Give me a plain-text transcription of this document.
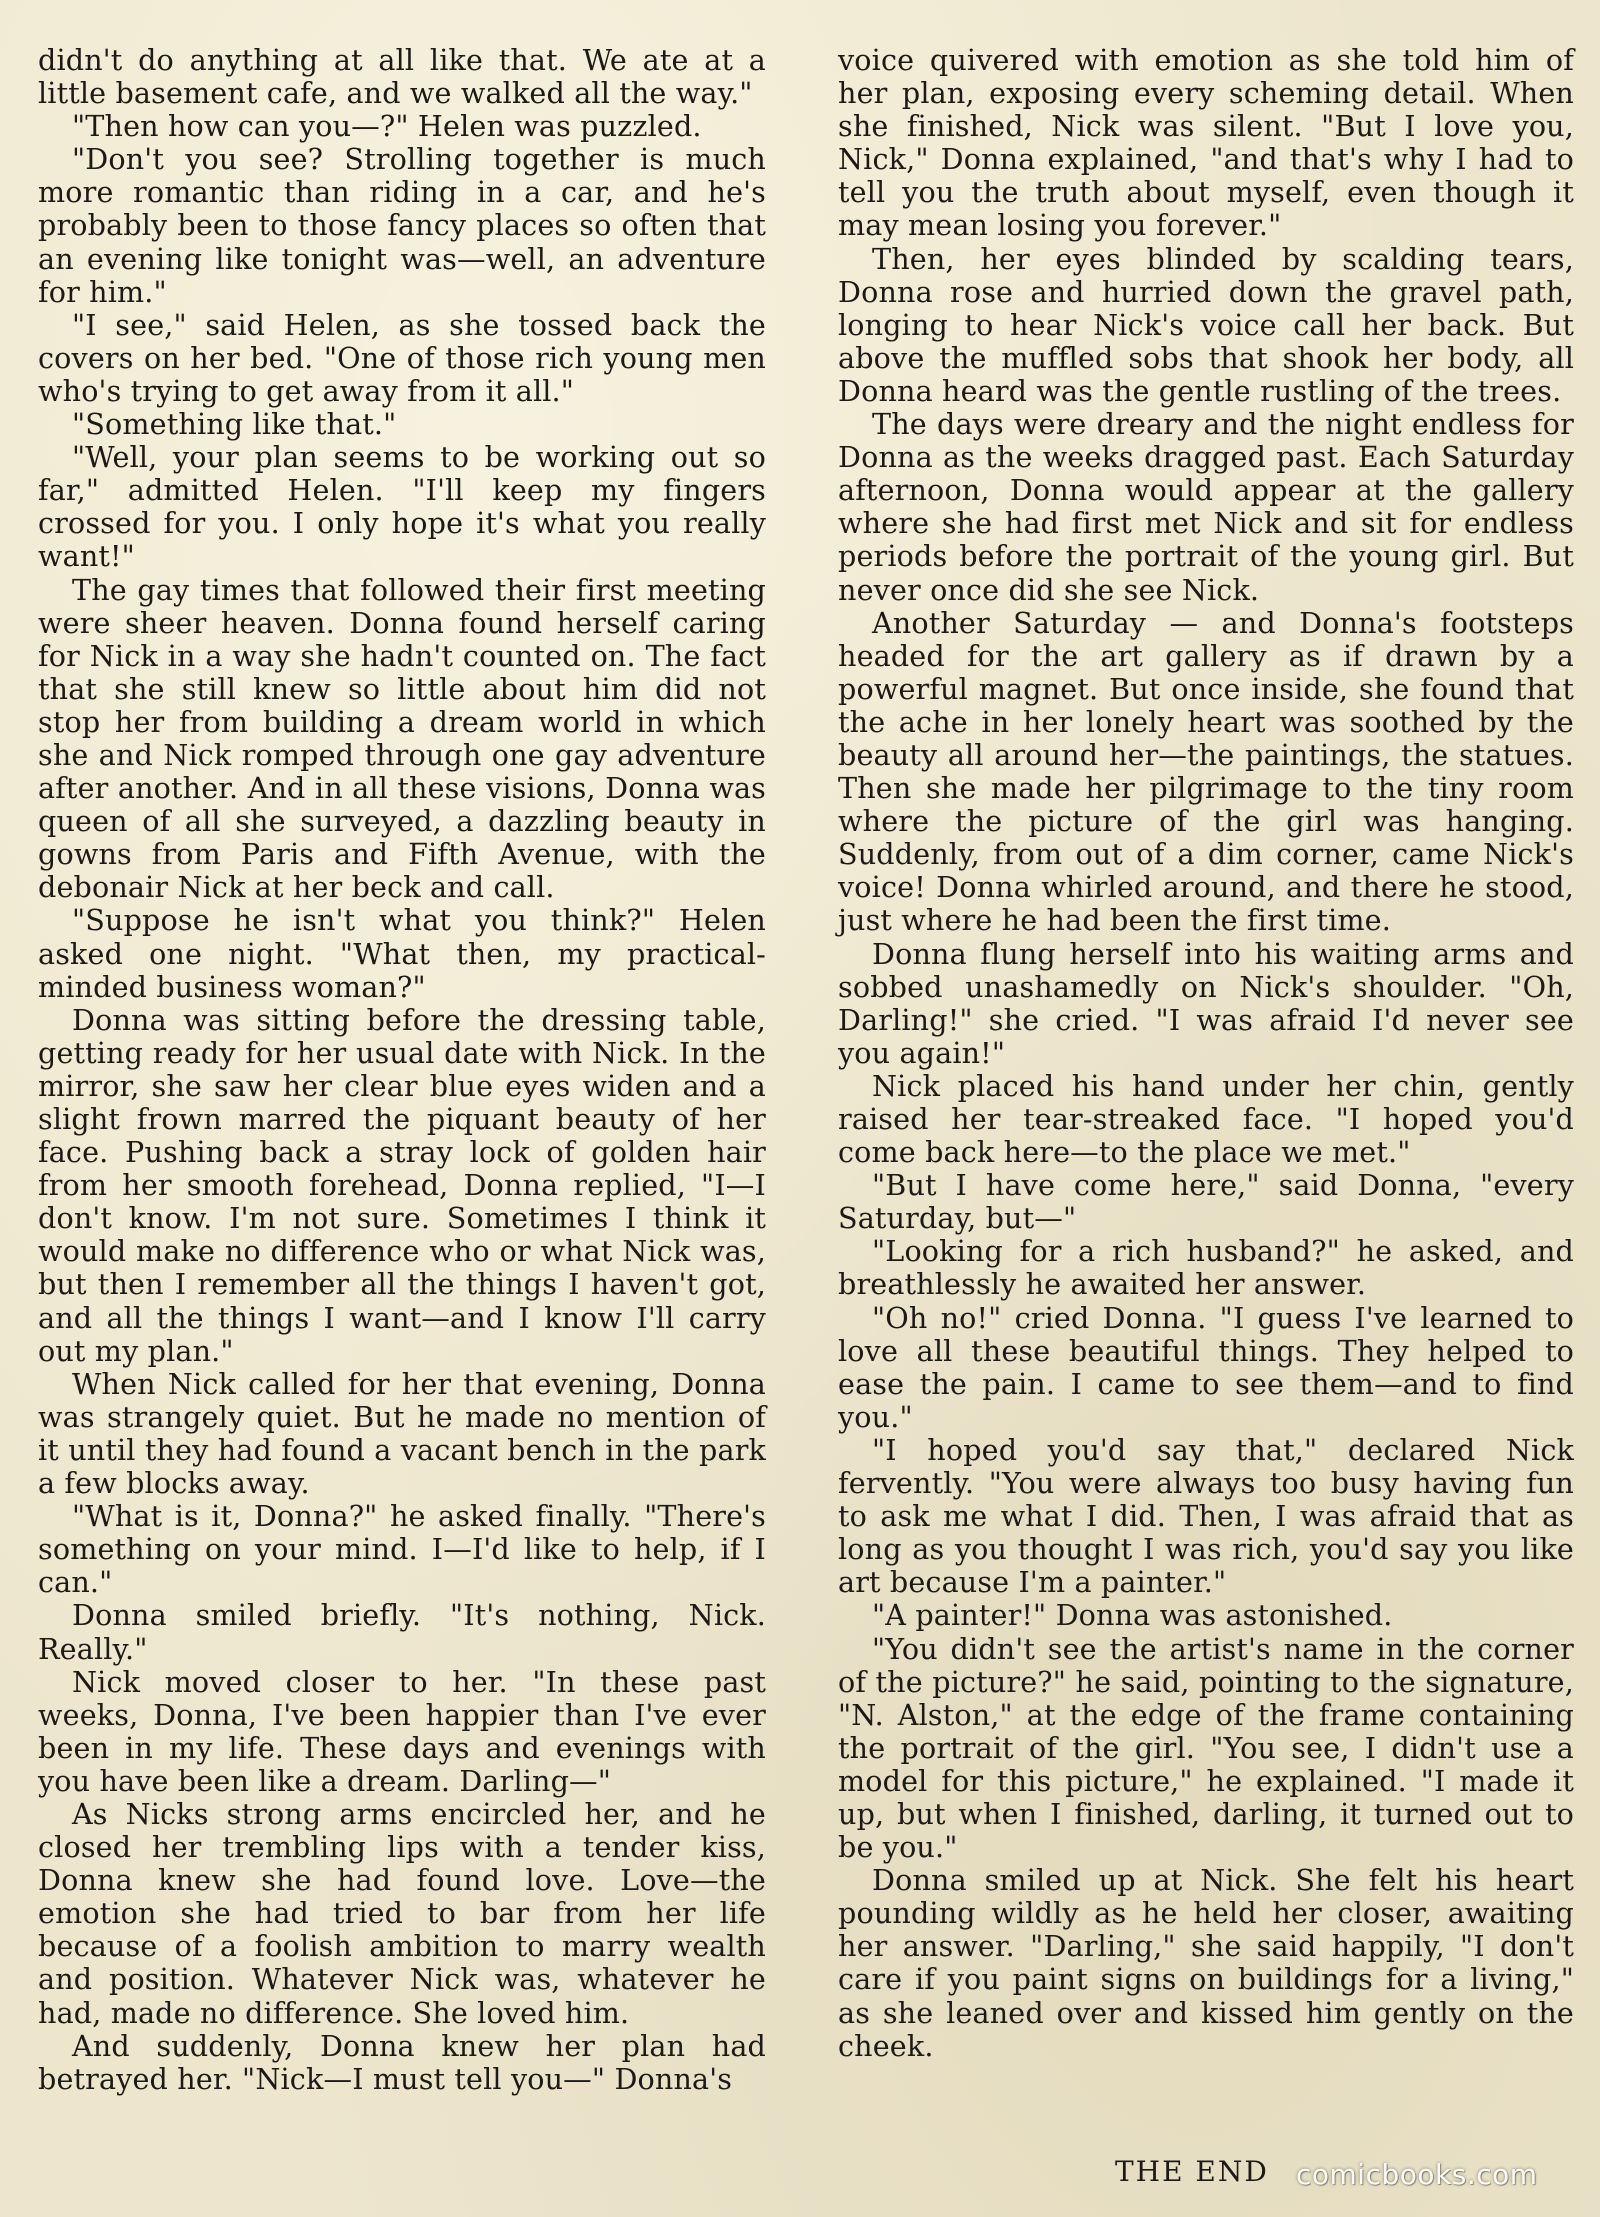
didn't do anything at all like that. We ate at a little basement cafe, and we walked all the way."

"Then how can you—?" Helen was puzzled.

"Don't you see? Strolling together is much more romantic than riding in a car, and he's probably been to those fancy places so often that an evening like tonight was—well, an adventure for him."

"I see," said Helen, as she tossed back the covers on her bed. "One of those rich young men who's trying to get away from it all."

"Something like that."

"Well, your plan seems to be working out so far," admitted Helen. "I'll keep my fingers crossed for you. I only hope it's what you really want!"

The gay times that followed their first meeting were sheer heaven. Donna found herself caring for Nick in a way she hadn't counted on. The fact that she still knew so little about him did not stop her from building a dream world in which she and Nick romped through one gay adventure after another. And in all these visions, Donna was queen of all she surveyed, a dazzling beauty in gowns from Paris and Fifth Avenue, with the debonair Nick at her beck and call.

"Suppose he isn't what you think?" Helen asked one night. "What then, my practical-minded business woman?"

Donna was sitting before the dressing table, getting ready for her usual date with Nick. In the mirror, she saw her clear blue eyes widen and a slight frown marred the piquant beauty of her face. Pushing back a stray lock of golden hair from her smooth forehead, Donna replied, "I—I don't know. I'm not sure. Sometimes I think it would make no difference who or what Nick was, but then I remember all the things I haven't got, and all the things I want—and I know I'll carry out my plan."

When Nick called for her that evening, Donna was strangely quiet. But he made no mention of it until they had found a vacant bench in the park a few blocks away.

"What is it, Donna?" he asked finally. "There's something on your mind. I—I'd like to help, if I can."

Donna smiled briefly. "It's nothing, Nick. Really."

Nick moved closer to her. "In these past weeks, Donna, I've been happier than I've ever been in my life. These days and evenings with you have been like a dream. Darling—"

As Nicks strong arms encircled her, and he closed her trembling lips with a tender kiss, Donna knew she had found love. Love—the emotion she had tried to bar from her life because of a foolish ambition to marry wealth and position. Whatever Nick was, whatever he had, made no difference. She loved him.

And suddenly, Donna knew her plan had betrayed her. "Nick—I must tell you—" Donna's

voice quivered with emotion as she told him of her plan, exposing every scheming detail. When she finished, Nick was silent. "But I love you, Nick," Donna explained, "and that's why I had to tell you the truth about myself, even though it may mean losing you forever."

Then, her eyes blinded by scalding tears, Donna rose and hurried down the gravel path, longing to hear Nick's voice call her back. But above the muffled sobs that shook her body, all Donna heard was the gentle rustling of the trees.

The days were dreary and the night endless for Donna as the weeks dragged past. Each Saturday afternoon, Donna would appear at the gallery where she had first met Nick and sit for endless periods before the portrait of the young girl. But never once did she see Nick.

Another Saturday — and Donna's footsteps headed for the art gallery as if drawn by a powerful magnet. But once inside, she found that the ache in her lonely heart was soothed by the beauty all around her—the paintings, the statues. Then she made her pilgrimage to the tiny room where the picture of the girl was hanging. Suddenly, from out of a dim corner, came Nick's voice! Donna whirled around, and there he stood, just where he had been the first time.

Donna flung herself into his waiting arms and sobbed unashamedly on Nick's shoulder. "Oh, Darling!" she cried. "I was afraid I'd never see you again!"

Nick placed his hand under her chin, gently raised her tear-streaked face. "I hoped you'd come back here—to the place we met."

"But I have come here," said Donna, "every Saturday, but—"

"Looking for a rich husband?" he asked, and breathlessly he awaited her answer.

"Oh no!" cried Donna. "I guess I've learned to love all these beautiful things. They helped to ease the pain. I came to see them—and to find you."

"I hoped you'd say that," declared Nick fervently. "You were always too busy having fun to ask me what I did. Then, I was afraid that as long as you thought I was rich, you'd say you like art because I'm a painter."

"A painter!" Donna was astonished.

"You didn't see the artist's name in the corner of the picture?" he said, pointing to the signature, "N. Alston," at the edge of the frame containing the portrait of the girl. "You see, I didn't use a model for this picture," he explained. "I made it up, but when I finished, darling, it turned out to be you."

Donna smiled up at Nick. She felt his heart pounding wildly as he held her closer, awaiting her answer. "Darling," she said happily, "I don't care if you paint signs on buildings for a living," as she leaned over and kissed him gently on the cheek.

THE END comicbooks.com
